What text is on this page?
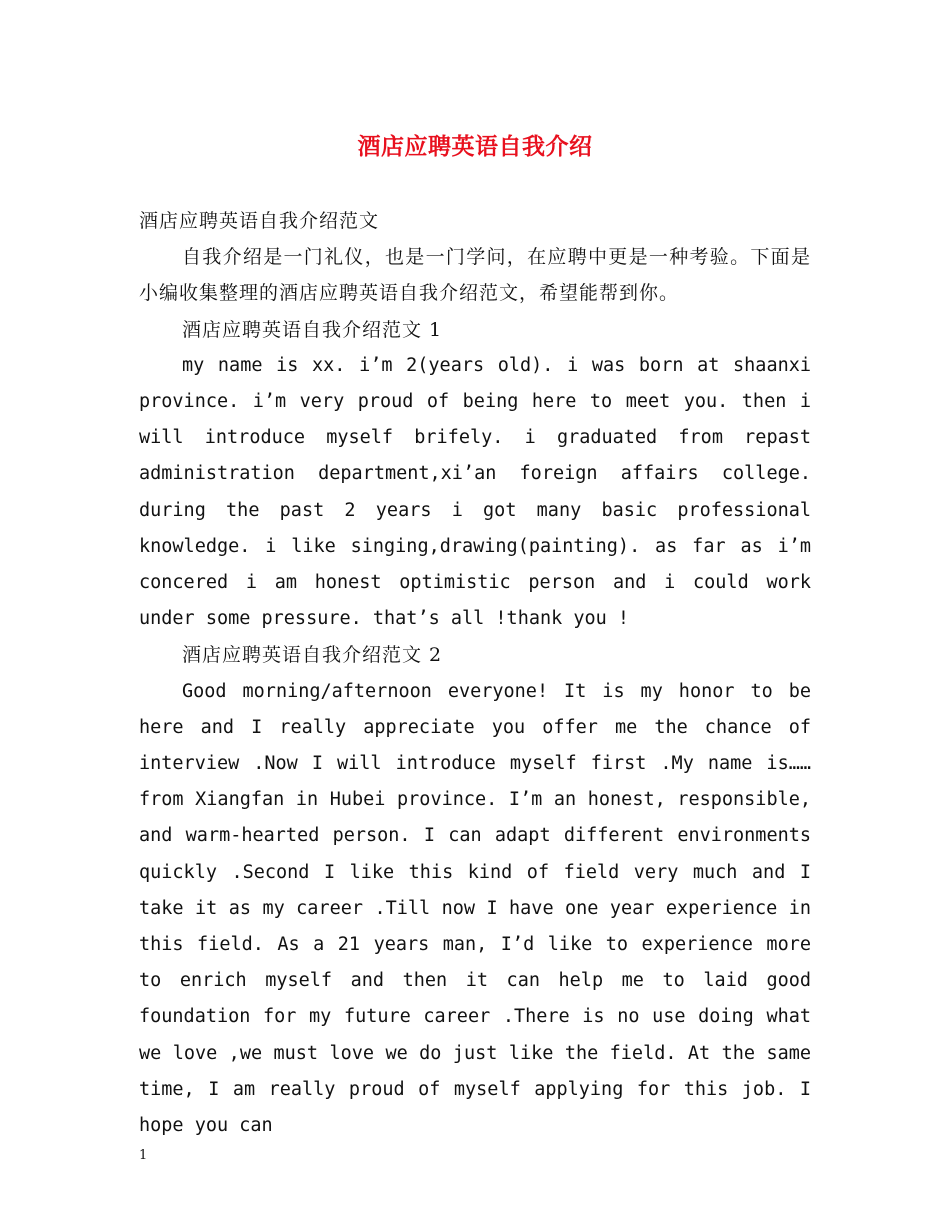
酒店应聘英语自我介绍

酒店应聘英语自我介绍范文

自我介绍是一门礼仪，也是一门学问，在应聘中更是一种考验。下面是小编收集整理的酒店应聘英语自我介绍范文，希望能帮到你。

酒店应聘英语自我介绍范文 1

my name is xx. i’m 2(years old). i was born at shaanxi province. i’m very proud of being here to meet you. then i will introduce myself brifely. i graduated from repast administration department,xi’an foreign affairs college. during the past 2 years i got many basic professional knowledge. i like singing,drawing(painting). as far as i’m concered i am honest optimistic person and i could work under some pressure. that’s all !thank you !

酒店应聘英语自我介绍范文 2

Good morning/afternoon everyone! It is my honor to be here and I really appreciate you offer me the chance of interview .Now I will introduce myself first .My name is…… from Xiangfan in Hubei province. I’m an honest, responsible, and warm-hearted person. I can adapt different environments quickly .Second I like this kind of field very much and I take it as my career .Till now I have one year experience in this field. As a 21 years man, I’d like to experience more to enrich myself and then it can help me to laid good foundation for my future career .There is no use doing what we love ,we must love we do just like the field. At the same time, I am really proud of myself applying for this job. I hope you can

1
